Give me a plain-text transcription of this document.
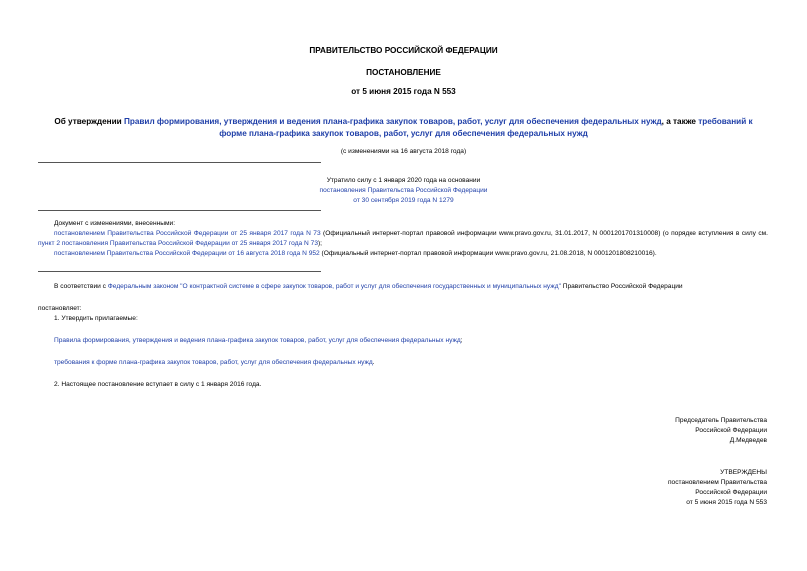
ПРАВИТЕЛЬСТВО РОССИЙСКОЙ ФЕДЕРАЦИИ
ПОСТАНОВЛЕНИЕ
от 5 июня 2015 года N 553
Об утверждении Правил формирования, утверждения и ведения плана-графика закупок товаров, работ, услуг для обеспечения федеральных нужд, а также требований к форме плана-графика закупок товаров, работ, услуг для обеспечения федеральных нужд
(с изменениями на 16 августа 2018 года)
Утратило силу с 1 января 2020 года на основании
постановления Правительства Российской Федерации
от 30 сентября 2019 года N 1279

Документ с изменениями, внесенными:

постановлением Правительства Российской Федерации от 25 января 2017 года N 73 (Официальный интернет-портал правовой информации www.pravo.gov.ru, 31.01.2017, N 0001201701310008) (о порядке вступления в силу см. пункт 2 постановления Правительства Российской Федерации от 25 января 2017 года N 73);

постановлением Правительства Российской Федерации от 16 августа 2018 года N 952 (Официальный интернет-портал правовой информации www.pravo.gov.ru, 21.08.2018, N 0001201808210016).

В соответствии с Федеральным законом "О контрактной системе в сфере закупок товаров, работ и услуг для обеспечения государственных и муниципальных нужд" Правительство Российской Федерации

постановляет:

1. Утвердить прилагаемые:

Правила формирования, утверждения и ведения плана-графика закупок товаров, работ, услуг для обеспечения федеральных нужд;

требования к форме плана-графика закупок товаров, работ, услуг для обеспечения федеральных нужд.

2. Настоящее постановление вступает в силу с 1 января 2016 года.

Председатель Правительства
Российской Федерации
Д.Медведев
УТВЕРЖДЕНЫ
постановлением Правительства
Российской Федерации
от 5 июня 2015 года N 553
